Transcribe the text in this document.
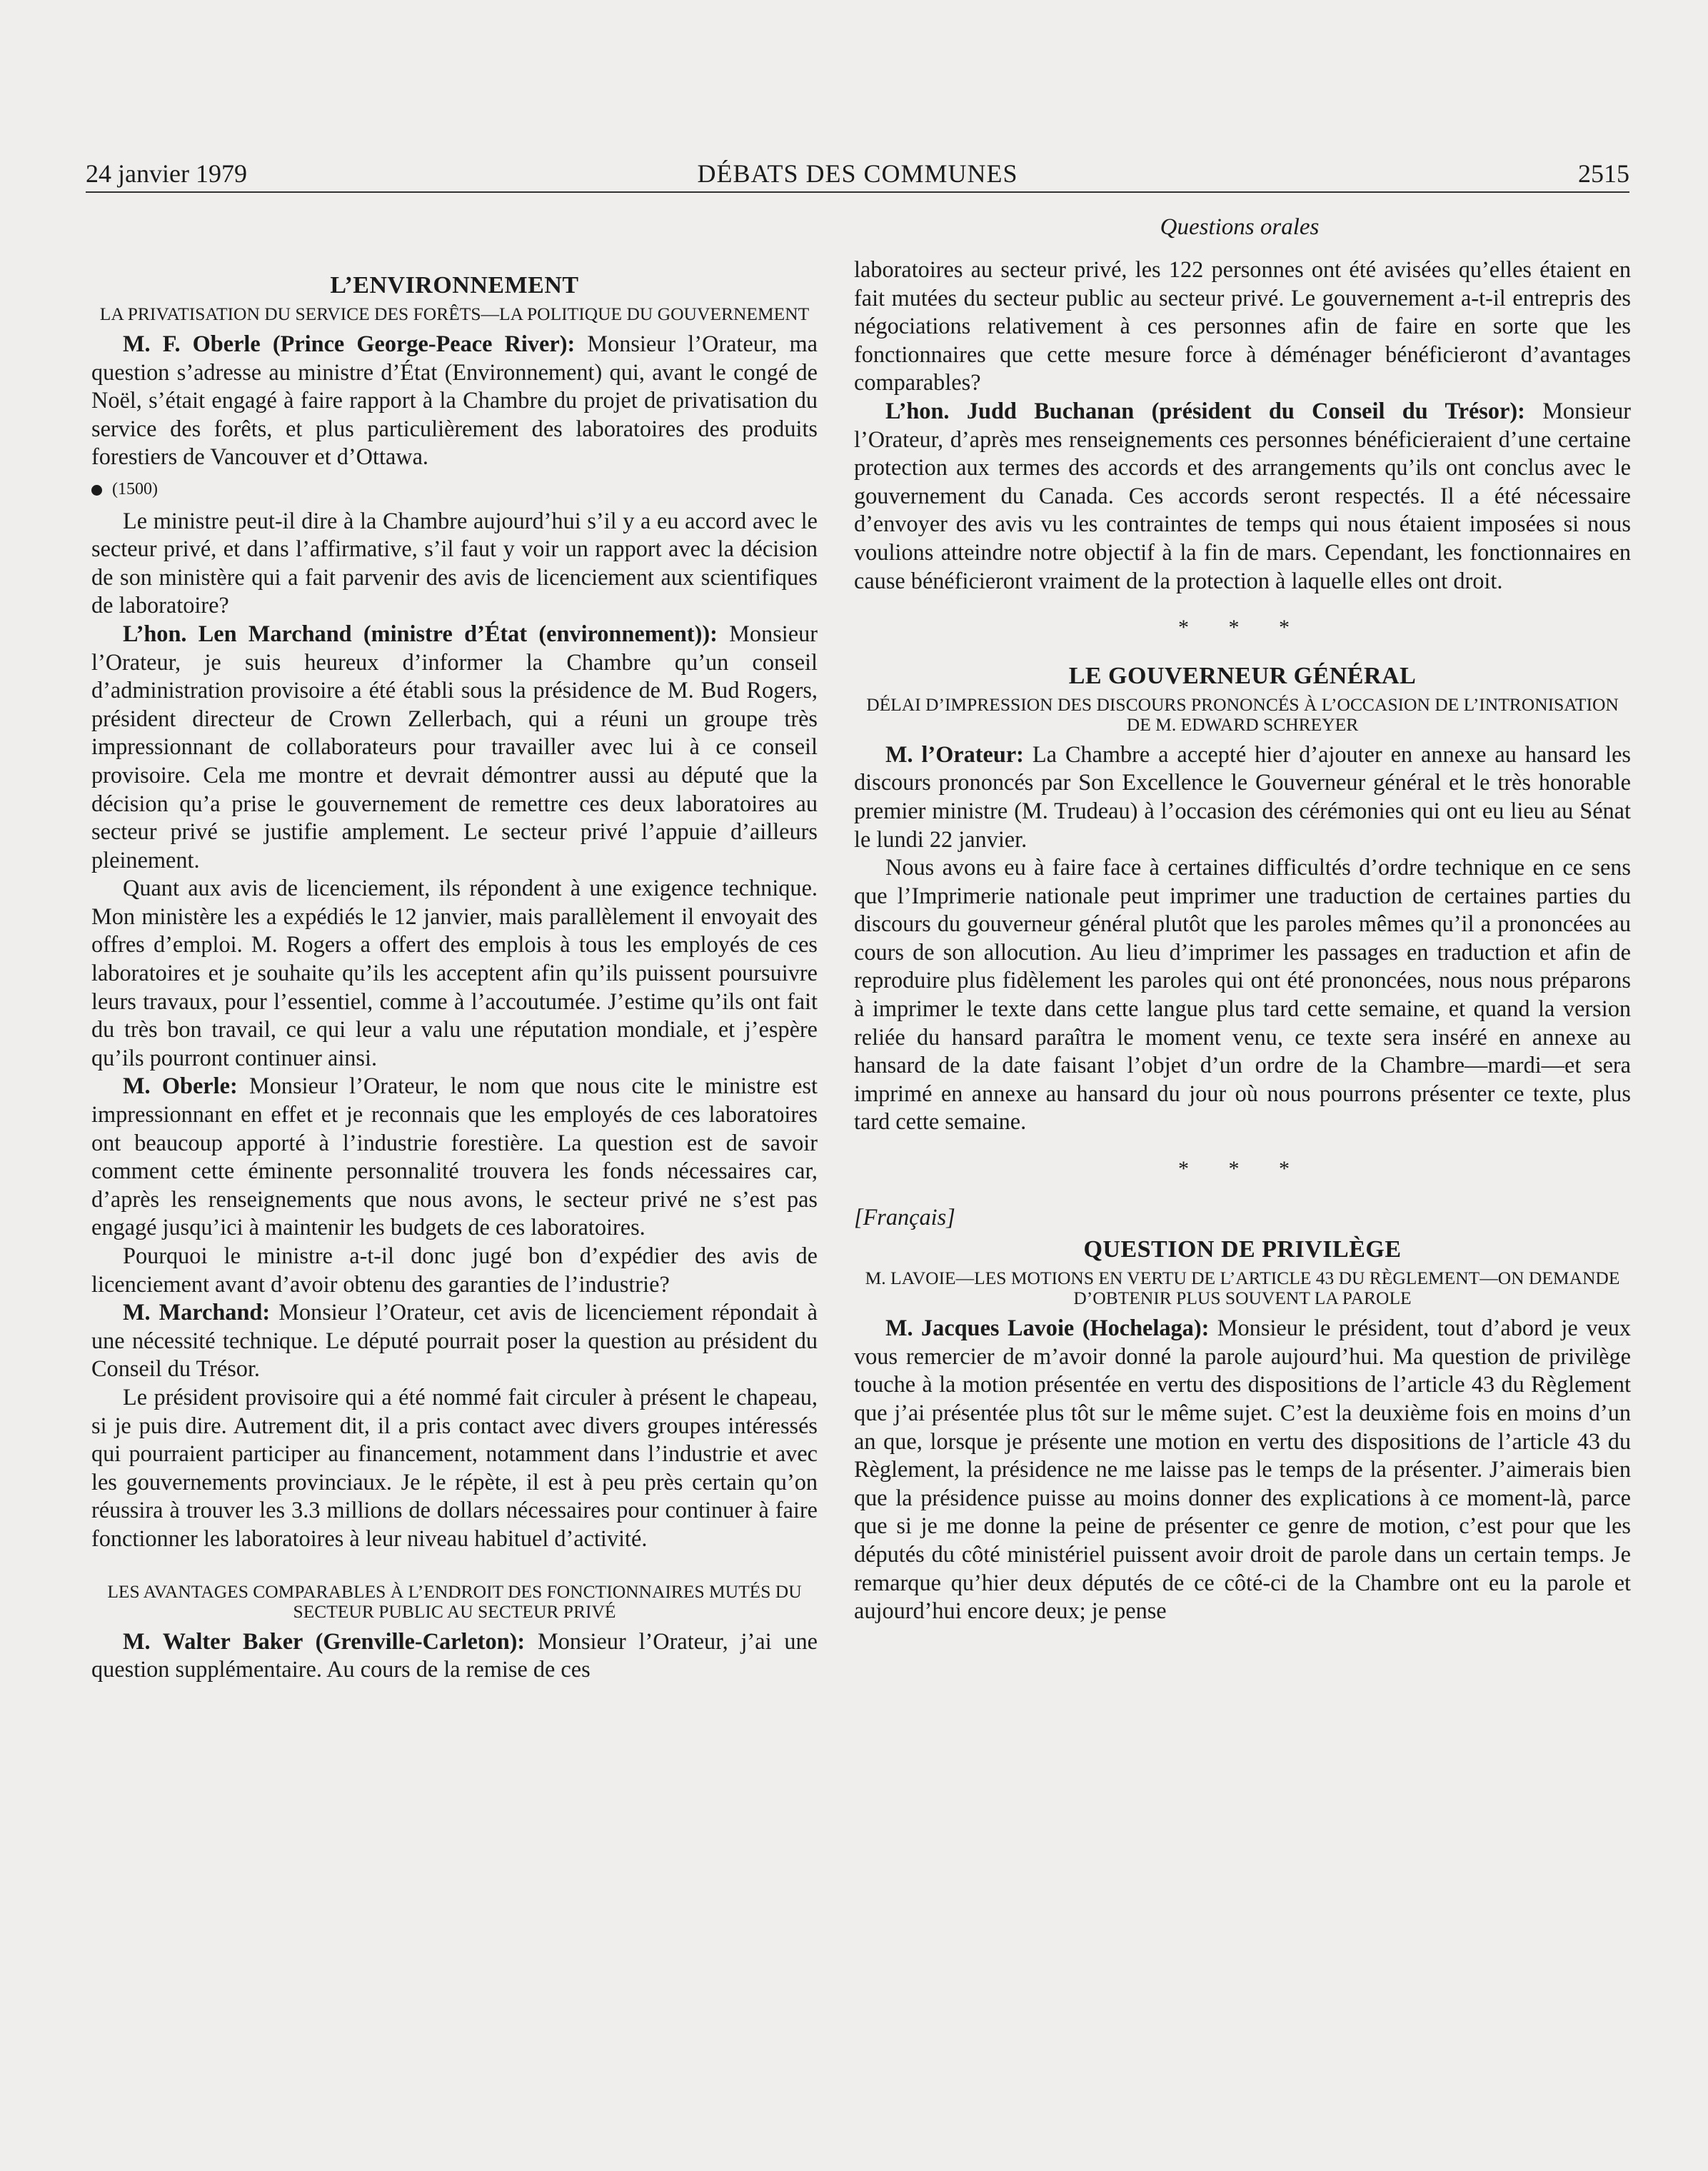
24 janvier 1979	DÉBATS DES COMMUNES	2515
Questions orales
L’ENVIRONNEMENT
LA PRIVATISATION DU SERVICE DES FORÊTS—LA POLITIQUE DU GOUVERNEMENT

M. F. Oberle (Prince George-Peace River): Monsieur l’Orateur, ma question s’adresse au ministre d’État (Environnement) qui, avant le congé de Noël, s’était engagé à faire rapport à la Chambre du projet de privatisation du service des forêts, et plus particulièrement des laboratoires des produits forestiers de Vancouver et d’Ottawa.

(1500)

Le ministre peut-il dire à la Chambre aujourd’hui s’il y a eu accord avec le secteur privé, et dans l’affirmative, s’il faut y voir un rapport avec la décision de son ministère qui a fait parvenir des avis de licenciement aux scientifiques de laboratoire?

L’hon. Len Marchand (ministre d’État (environnement)): Monsieur l’Orateur, je suis heureux d’informer la Chambre qu’un conseil d’administration provisoire a été établi sous la présidence de M. Bud Rogers, président directeur de Crown Zellerbach, qui a réuni un groupe très impressionnant de collaborateurs pour travailler avec lui à ce conseil provisoire. Cela me montre et devrait démontrer aussi au député que la décision qu’a prise le gouvernement de remettre ces deux laboratoires au secteur privé se justifie amplement. Le secteur privé l’appuie d’ailleurs pleinement.

Quant aux avis de licenciement, ils répondent à une exigence technique. Mon ministère les a expédiés le 12 janvier, mais parallèlement il envoyait des offres d’emploi. M. Rogers a offert des emplois à tous les employés de ces laboratoires et je souhaite qu’ils les acceptent afin qu’ils puissent poursuivre leurs travaux, pour l’essentiel, comme à l’accoutumée. J’estime qu’ils ont fait du très bon travail, ce qui leur a valu une réputation mondiale, et j’espère qu’ils pourront continuer ainsi.

M. Oberle: Monsieur l’Orateur, le nom que nous cite le ministre est impressionnant en effet et je reconnais que les employés de ces laboratoires ont beaucoup apporté à l’industrie forestière. La question est de savoir comment cette éminente personnalité trouvera les fonds nécessaires car, d’après les renseignements que nous avons, le secteur privé ne s’est pas engagé jusqu’ici à maintenir les budgets de ces laboratoires.

Pourquoi le ministre a-t-il donc jugé bon d’expédier des avis de licenciement avant d’avoir obtenu des garanties de l’industrie?

M. Marchand: Monsieur l’Orateur, cet avis de licenciement répondait à une nécessité technique. Le député pourrait poser la question au président du Conseil du Trésor.

Le président provisoire qui a été nommé fait circuler à présent le chapeau, si je puis dire. Autrement dit, il a pris contact avec divers groupes intéressés qui pourraient participer au financement, notamment dans l’industrie et avec les gouvernements provinciaux. Je le répète, il est à peu près certain qu’on réussira à trouver les 3.3 millions de dollars nécessaires pour continuer à faire fonctionner les laboratoires à leur niveau habituel d’activité.

LES AVANTAGES COMPARABLES À L’ENDROIT DES FONCTIONNAIRES MUTÉS DU SECTEUR PUBLIC AU SECTEUR PRIVÉ

M. Walter Baker (Grenville-Carleton): Monsieur l’Orateur, j’ai une question supplémentaire. Au cours de la remise de ces

laboratoires au secteur privé, les 122 personnes ont été avisées qu’elles étaient en fait mutées du secteur public au secteur privé. Le gouvernement a-t-il entrepris des négociations relativement à ces personnes afin de faire en sorte que les fonctionnaires que cette mesure force à déménager bénéficieront d’avantages comparables?

L’hon. Judd Buchanan (président du Conseil du Trésor): Monsieur l’Orateur, d’après mes renseignements ces personnes bénéficieraient d’une certaine protection aux termes des accords et des arrangements qu’ils ont conclus avec le gouvernement du Canada. Ces accords seront respectés. Il a été nécessaire d’envoyer des avis vu les contraintes de temps qui nous étaient imposées si nous voulions atteindre notre objectif à la fin de mars. Cependant, les fonctionnaires en cause bénéficieront vraiment de la protection à laquelle elles ont droit.

* * *
LE GOUVERNEUR GÉNÉRAL
DÉLAI D’IMPRESSION DES DISCOURS PRONONCÉS À L’OCCASION DE L’INTRONISATION DE M. EDWARD SCHREYER

M. l’Orateur: La Chambre a accepté hier d’ajouter en annexe au hansard les discours prononcés par Son Excellence le Gouverneur général et le très honorable premier ministre (M. Trudeau) à l’occasion des cérémonies qui ont eu lieu au Sénat le lundi 22 janvier.

Nous avons eu à faire face à certaines difficultés d’ordre technique en ce sens que l’Imprimerie nationale peut imprimer une traduction de certaines parties du discours du gouverneur général plutôt que les paroles mêmes qu’il a prononcées au cours de son allocution. Au lieu d’imprimer les passages en traduction et afin de reproduire plus fidèlement les paroles qui ont été prononcées, nous nous préparons à imprimer le texte dans cette langue plus tard cette semaine, et quand la version reliée du hansard paraîtra le moment venu, ce texte sera inséré en annexe au hansard de la date faisant l’objet d’un ordre de la Chambre—mardi—et sera imprimé en annexe au hansard du jour où nous pourrons présenter ce texte, plus tard cette semaine.

* * *
[Français]
QUESTION DE PRIVILÈGE
M. LAVOIE—LES MOTIONS EN VERTU DE L’ARTICLE 43 DU RÈGLEMENT—ON DEMANDE D’OBTENIR PLUS SOUVENT LA PAROLE

M. Jacques Lavoie (Hochelaga): Monsieur le président, tout d’abord je veux vous remercier de m’avoir donné la parole aujourd’hui. Ma question de privilège touche à la motion présentée en vertu des dispositions de l’article 43 du Règlement que j’ai présentée plus tôt sur le même sujet. C’est la deuxième fois en moins d’un an que, lorsque je présente une motion en vertu des dispositions de l’article 43 du Règlement, la présidence ne me laisse pas le temps de la présenter. J’aimerais bien que la présidence puisse au moins donner des explications à ce moment-là, parce que si je me donne la peine de présenter ce genre de motion, c’est pour que les députés du côté ministériel puissent avoir droit de parole dans un certain temps. Je remarque qu’hier deux députés de ce côté-ci de la Chambre ont eu la parole et aujourd’hui encore deux; je pense
